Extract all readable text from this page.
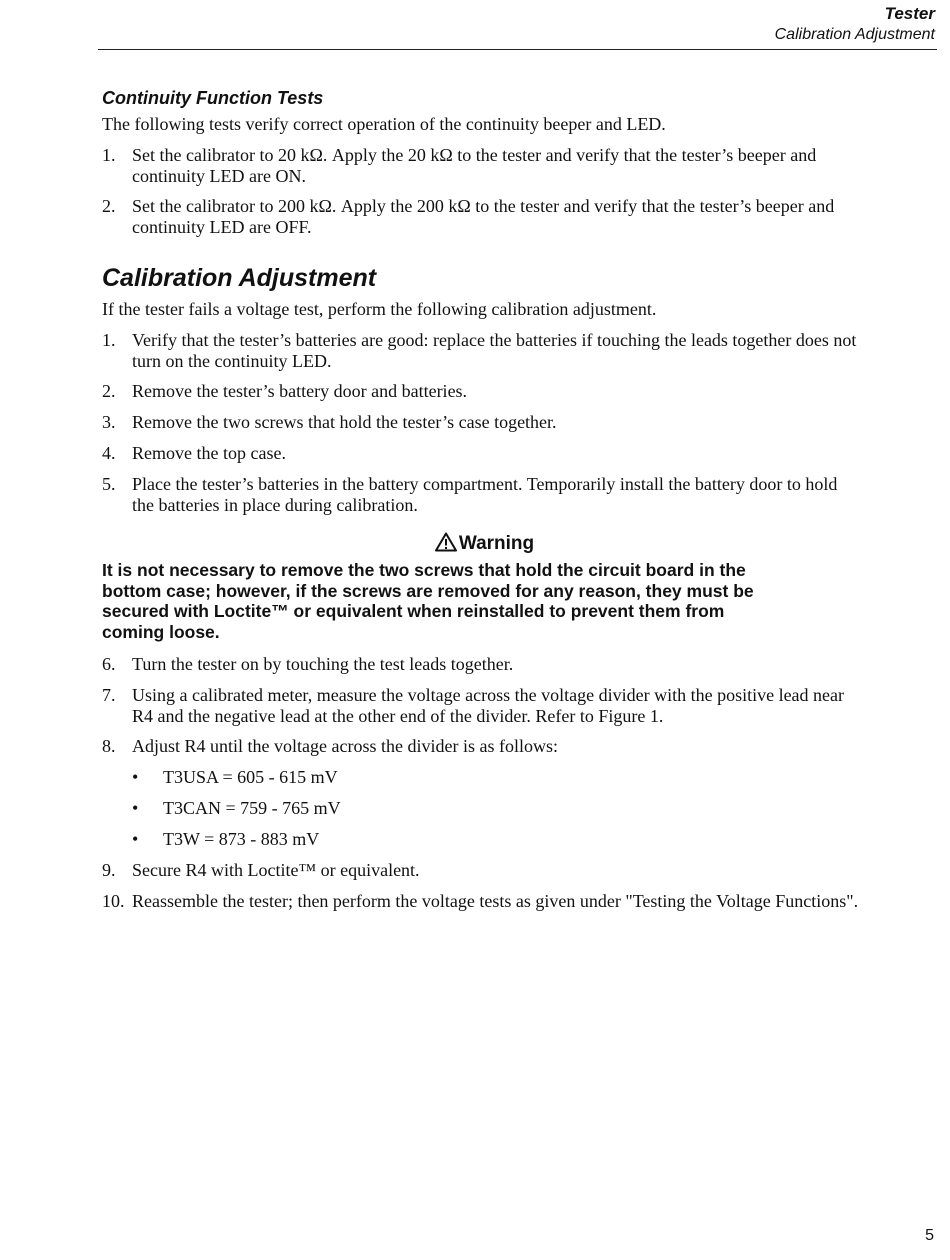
Tester
Calibration Adjustment
Continuity Function Tests
The following tests verify correct operation of the continuity beeper and LED.
1. Set the calibrator to 20 kΩ. Apply the 20 kΩ to the tester and verify that the tester’s beeper and continuity LED are ON.
2. Set the calibrator to 200 kΩ. Apply the 200 kΩ to the tester and verify that the tester’s beeper and continuity LED are OFF.
Calibration Adjustment
If the tester fails a voltage test, perform the following calibration adjustment.
1. Verify that the tester’s batteries are good: replace the batteries if touching the leads together does not turn on the continuity LED.
2. Remove the tester’s battery door and batteries.
3. Remove the two screws that hold the tester’s case together.
4. Remove the top case.
5. Place the tester’s batteries in the battery compartment. Temporarily install the battery door to hold the batteries in place during calibration.
Warning
It is not necessary to remove the two screws that hold the circuit board in the bottom case; however, if the screws are removed for any reason, they must be secured with Loctite™ or equivalent when reinstalled to prevent them from coming loose.
6. Turn the tester on by touching the test leads together.
7. Using a calibrated meter, measure the voltage across the voltage divider with the positive lead near R4 and the negative lead at the other end of the divider. Refer to Figure 1.
8. Adjust R4 until the voltage across the divider is as follows:
• T3USA = 605 - 615 mV
• T3CAN = 759 - 765 mV
• T3W = 873 - 883 mV
9. Secure R4 with Loctite™ or equivalent.
10. Reassemble the tester; then perform the voltage tests as given under "Testing the Voltage Functions".
5
